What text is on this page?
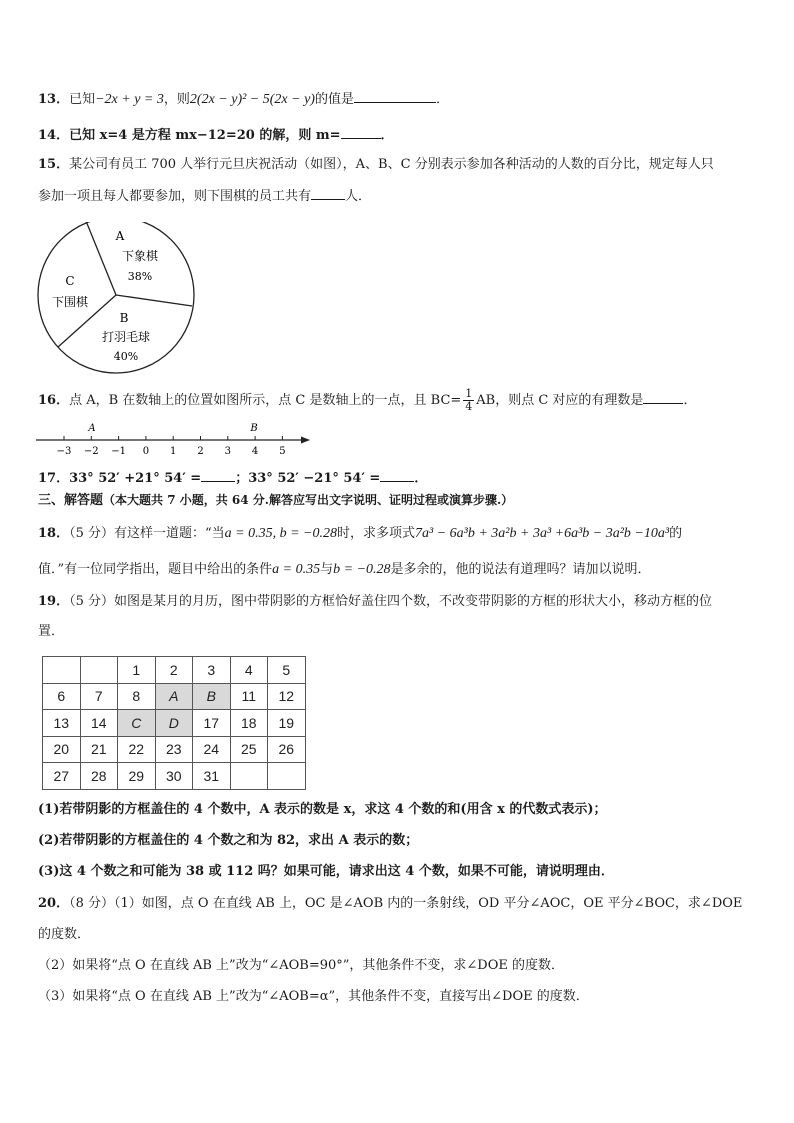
13．已知−2x + y = 3，则2(2x − y)² − 5(2x − y)的值是	．
14．已知 x=4 是方程 mx−12=20 的解，则 m=	．
15．某公司有员工 700 人举行元旦庆祝活动（如图），A、B、C 分别表示参加各种活动的人数的百分比，规定每人只
参加一项且每人都要参加，则下围棋的员工共有	人．
A
下象棋
38%
C
下围棋
B
打羽毛球
40%
16．点 A，B 在数轴上的位置如图所示，点 C 是数轴上的一点，且 $BC= \frac{1}{4}$ AB，则点 C 对应的有理数是	．
−3 −2 −1 0 1 2 3 4 5
A	B
17．33° 52′ +21° 54′ =	；33° 52′ −21° 54′ =	．
三、解答题（本大题共 7 小题，共 64 分.解答应写出文字说明、证明过程或演算步骤.）
18．（5 分）有这样一道题：“当a = 0.35, b = −0.28时，求多项式7a³ − 6a³b + 3a²b + 3a³ +6a³b − 3a²b −10a³的
值．”有一位同学指出，题目中给出的条件a = 0.35与b = −0.28是多余的，他的说法有道理吗？请加以说明．
19．（5 分）如图是某月的月历，图中带阴影的方框恰好盖住四个数，不改变带阴影的方框的形状大小，移动方框的位
置．
		1	2	3	4	5
6	7	8	A	B	11	12
13	14	C	D	17	18	19
20	21	22	23	24	25	26
27	28	29	30	31		
(1)若带阴影的方框盖住的 4 个数中，A 表示的数是 x，求这 4 个数的和(用含 x 的代数式表示)；
(2)若带阴影的方框盖住的 4 个数之和为 82，求出 A 表示的数；
(3)这 4 个数之和可能为 38 或 112 吗？如果可能，请求出这 4 个数，如果不可能，请说明理由．
20．（8 分）（1）如图，点 O 在直线 AB 上，OC 是∠AOB 内的一条射线，OD 平分∠AOC，OE 平分∠BOC，求∠DOE
的度数．
（2）如果将“点 O 在直线 AB 上”改为“∠AOB=90°”，其他条件不变，求∠DOE 的度数．
（3）如果将“点 O 在直线 AB 上”改为“∠AOB=α”，其他条件不变，直接写出∠DOE 的度数．
